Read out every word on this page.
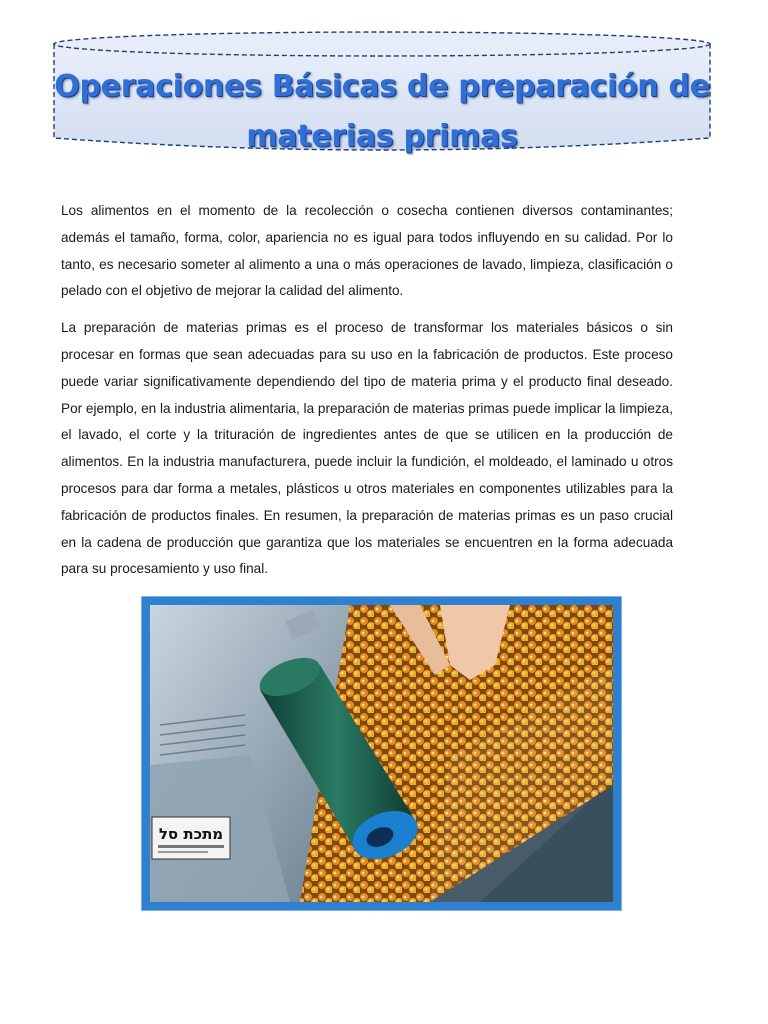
Operaciones Básicas de preparación de
materias primas

Los alimentos en el momento de la recolección o cosecha contienen diversos contaminantes; además el tamaño, forma, color, apariencia no es igual para todos influyendo en su calidad. Por lo tanto, es necesario someter al alimento a una o más operaciones de lavado, limpieza, clasificación o pelado con el objetivo de mejorar la calidad del alimento.

La preparación de materias primas es el proceso de transformar los materiales básicos o sin procesar en formas que sean adecuadas para su uso en la fabricación de productos. Este proceso puede variar significativamente dependiendo del tipo de materia prima y el producto final deseado. Por ejemplo, en la industria alimentaria, la preparación de materias primas puede implicar la limpieza, el lavado, el corte y la trituración de ingredientes antes de que se utilicen en la producción de alimentos. En la industria manufacturera, puede incluir la fundición, el moldeado, el laminado u otros procesos para dar forma a metales, plásticos u otros materiales en componentes utilizables para la fabricación de productos finales. En resumen, la preparación de materias primas es un paso crucial en la cadena de producción que garantiza que los materiales se encuentren en la forma adecuada para su procesamiento y uso final.

מתכת סל
